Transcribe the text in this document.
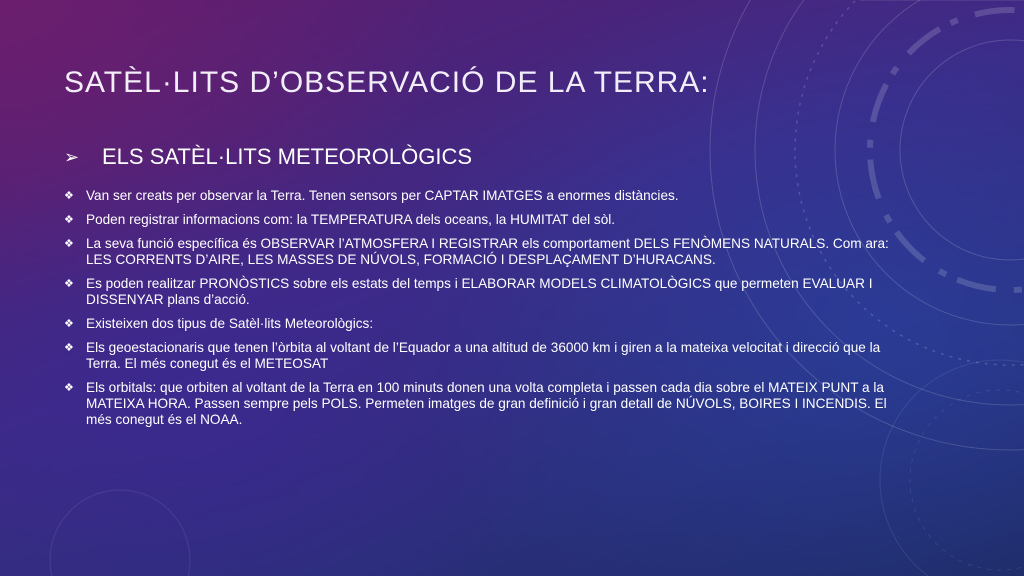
SATÈL·LITS D’OBSERVACIÓ DE LA TERRA:
➢ ELS SATÈL·LITS METEOROLÒGICS
❖ Van ser creats per observar la Terra. Tenen sensors per CAPTAR IMATGES a enormes distàncies.
❖ Poden registrar informacions com: la TEMPERATURA dels oceans, la HUMITAT del sòl.
❖ La seva funció específica és OBSERVAR l’ATMOSFERA I REGISTRAR els comportament DELS FENÒMENS NATURALS. Com ara: LES CORRENTS D’AIRE, LES MASSES DE NÚVOLS, FORMACIÓ I DESPLAÇAMENT D’HURACANS.
❖ Es poden realitzar PRONÒSTICS sobre els estats del temps i ELABORAR MODELS CLIMATOLÒGICS que permeten EVALUAR I DISSENYAR plans d’acció.
❖ Existeixen dos tipus de Satèl·lits Meteorològics:
❖ Els geoestacionaris que tenen l’òrbita al voltant de l’Equador a una altitud de 36000 km i giren a la mateixa velocitat i direcció que la Terra. El més conegut és el METEOSAT
❖ Els orbitals: que orbiten al voltant de la Terra en 100 minuts donen una volta completa i passen cada dia sobre el MATEIX PUNT a la MATEIXA HORA. Passen sempre pels POLS. Permeten imatges de gran definició i gran detall de NÚVOLS, BOIRES I INCENDIS. El més conegut és el NOAA.
